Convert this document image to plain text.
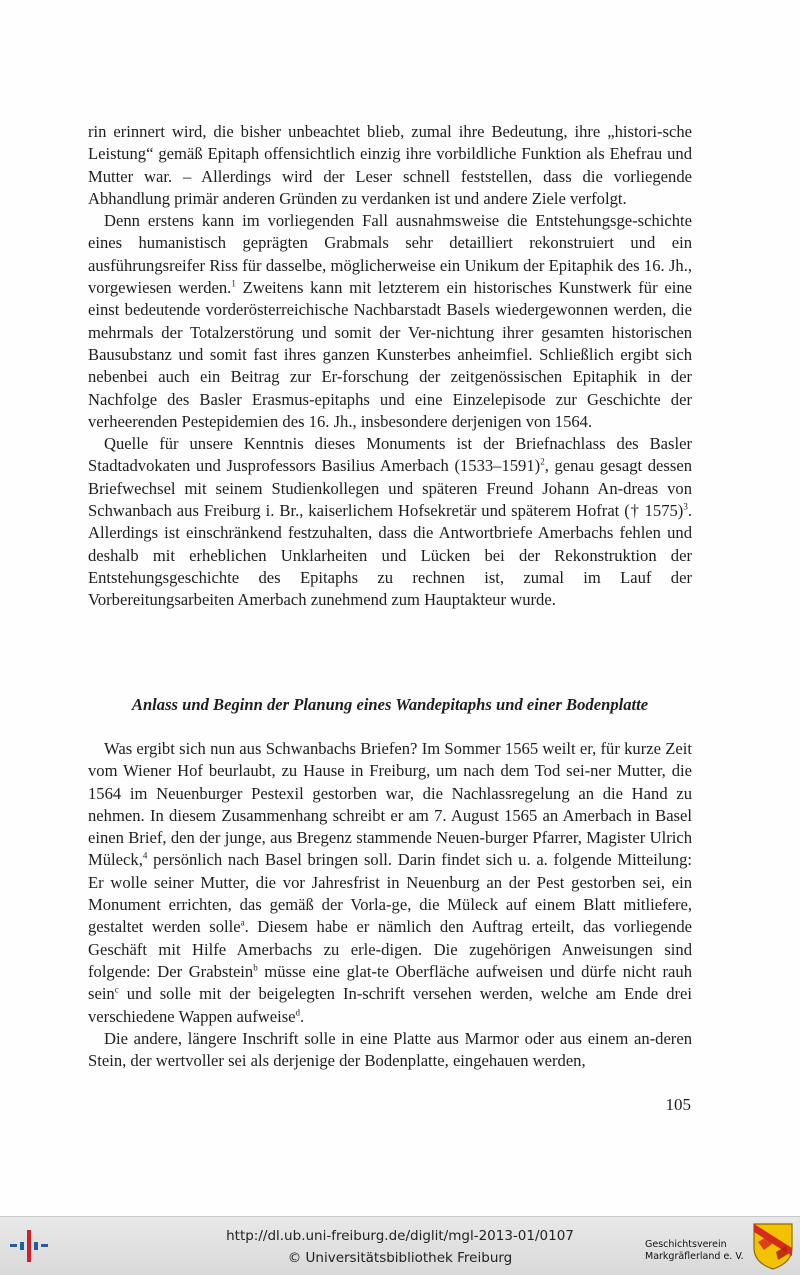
rin erinnert wird, die bisher unbeachtet blieb, zumal ihre Bedeutung, ihre „histori-sche Leistung“ gemäß Epitaph offensichtlich einzig ihre vorbildliche Funktion als Ehefrau und Mutter war. – Allerdings wird der Leser schnell feststellen, dass die vorliegende Abhandlung primär anderen Gründen zu verdanken ist und andere Ziele verfolgt.

Denn erstens kann im vorliegenden Fall ausnahmsweise die Entstehungsge-schichte eines humanistisch geprägten Grabmals sehr detailliert rekonstruiert und ein ausführungsreifer Riss für dasselbe, möglicherweise ein Unikum der Epitaphik des 16. Jh., vorgewiesen werden.$^1$ Zweitens kann mit letzterem ein historisches Kunstwerk für eine einst bedeutende vorderösterreichische Nachbarstadt Basels wiedergewonnen werden, die mehrmals der Totalzerstörung und somit der Ver-nichtung ihrer gesamten historischen Bausubstanz und somit fast ihres ganzen Kunsterbes anheimfiel. Schließlich ergibt sich nebenbei auch ein Beitrag zur Er-forschung der zeitgenössischen Epitaphik in der Nachfolge des Basler Erasmus-epitaphs und eine Einzelepisode zur Geschichte der verheerenden Pestepidemien des 16. Jh., insbesondere derjenigen von 1564.

Quelle für unsere Kenntnis dieses Monuments ist der Briefnachlass des Basler Stadtadvokaten und Jusprofessors Basilius Amerbach (1533–1591)$^2$, genau gesagt dessen Briefwechsel mit seinem Studienkollegen und späteren Freund Johann An-dreas von Schwanbach aus Freiburg i. Br., kaiserlichem Hofsekretär und späterem Hofrat († 1575)$^3$. Allerdings ist einschränkend festzuhalten, dass die Antwortbriefe Amerbachs fehlen und deshalb mit erheblichen Unklarheiten und Lücken bei der Rekonstruktion der Entstehungsgeschichte des Epitaphs zu rechnen ist, zumal im Lauf der Vorbereitungsarbeiten Amerbach zunehmend zum Hauptakteur wurde.

Anlass und Beginn der Planung eines Wandepitaphs und einer Bodenplatte

Was ergibt sich nun aus Schwanbachs Briefen? Im Sommer 1565 weilt er, für kurze Zeit vom Wiener Hof beurlaubt, zu Hause in Freiburg, um nach dem Tod sei-ner Mutter, die 1564 im Neuenburger Pestexil gestorben war, die Nachlassregelung an die Hand zu nehmen. In diesem Zusammenhang schreibt er am 7. August 1565 an Amerbach in Basel einen Brief, den der junge, aus Bregenz stammende Neuen-burger Pfarrer, Magister Ulrich Müleck,$^4$ persönlich nach Basel bringen soll. Darin findet sich u. a. folgende Mitteilung: Er wolle seiner Mutter, die vor Jahresfrist in Neuenburg an der Pest gestorben sei, ein Monument errichten, das gemäß der Vorla-ge, die Müleck auf einem Blatt mitliefere, gestaltet werden solle$^a$. Diesem habe er nämlich den Auftrag erteilt, das vorliegende Geschäft mit Hilfe Amerbachs zu erle-digen. Die zugehörigen Anweisungen sind folgende: Der Grabstein$^b$ müsse eine glat-te Oberfläche aufweisen und dürfe nicht rauh sein$^c$ und solle mit der beigelegten In-schrift versehen werden, welche am Ende drei verschiedene Wappen aufweise$^d$.

Die andere, längere Inschrift solle in eine Platte aus Marmor oder aus einem an-deren Stein, der wertvoller sei als derjenige der Bodenplatte, eingehauen werden,

105
http://dl.ub.uni-freiburg.de/diglit/mgl-2013-01/0107
© Universitätsbibliothek Freiburg
Geschichtsverein
Markgräflerland e. V.
